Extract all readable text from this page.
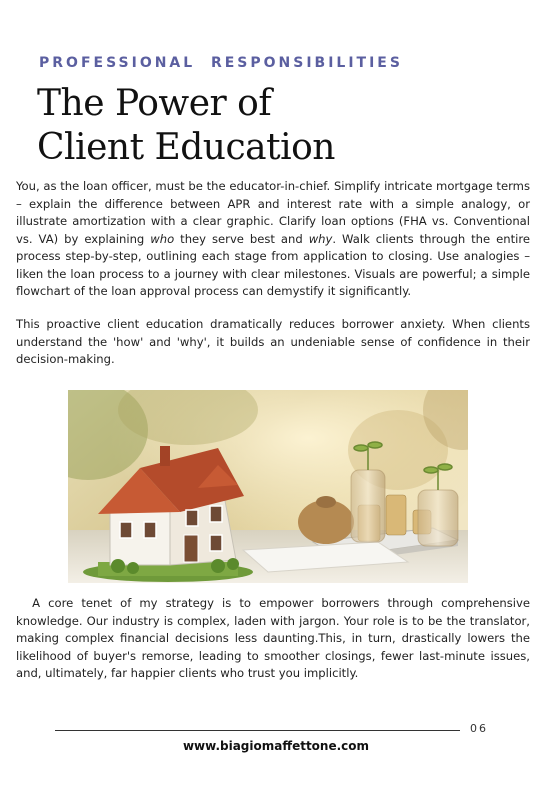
PROFESSIONAL  RESPONSIBILITIES
The Power of
Client Education

You, as the loan officer, must be the educator-in-chief. Simplify intricate mortgage terms – explain the difference between APR and interest rate with a simple analogy, or illustrate amortization with a clear graphic. Clarify loan options (FHA vs. Conventional vs. VA) by explaining who they serve best and why. Walk clients through the entire process step-by-step, outlining each stage from application to closing. Use analogies – liken the loan process to a journey with clear milestones. Visuals are powerful; a simple flowchart of the loan approval process can demystify it significantly.

This proactive client education dramatically reduces borrower anxiety. When clients understand the 'how' and 'why', it builds an undeniable sense of confidence in their decision-making.

A core tenet of my strategy is to empower borrowers through comprehensive knowledge. Our industry is complex, laden with jargon. Your role is to be the translator, making complex financial decisions less daunting.This, in turn, drastically lowers the likelihood of buyer's remorse, leading to smoother closings, fewer last-minute issues, and, ultimately, far happier clients who trust you implicitly.

06
www.biagiomaffettone.com
